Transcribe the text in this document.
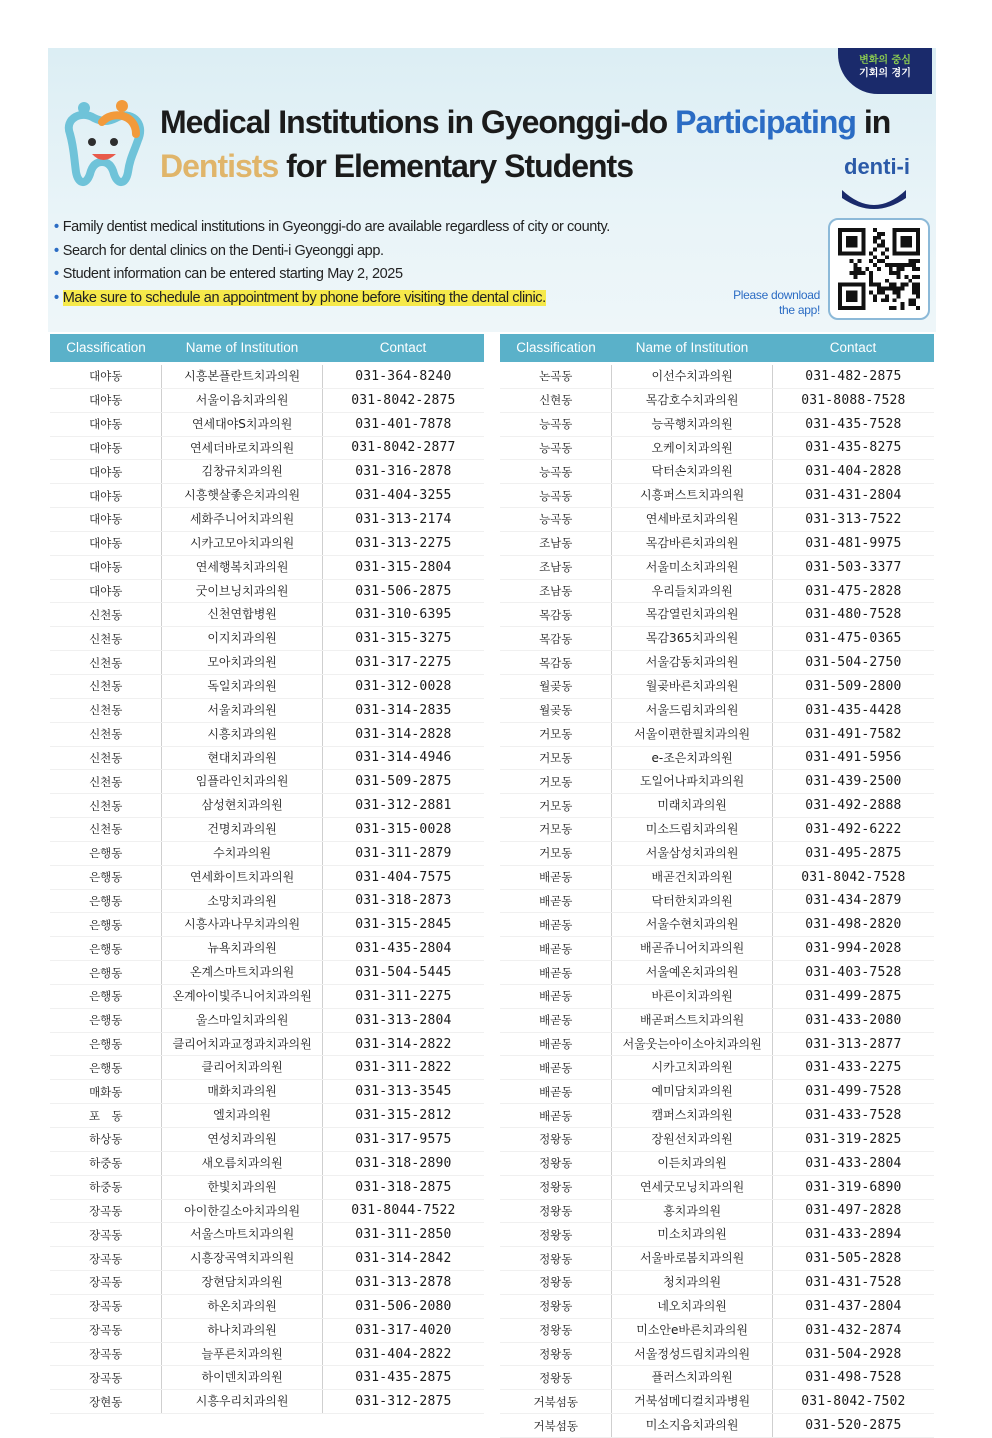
변화의 중심
기회의 경기
Medical Institutions in Gyeonggi-do Participating in
Dentists for Elementary Students	denti-i
• Family dentist medical institutions in Gyeonggi-do are available regardless of city or county.
• Search for dental clinics on the Denti-i Gyeonggi app.
• Student information can be entered starting May 2, 2025
• Make sure to schedule an appointment by phone before visiting the dental clinic.	Please download
the app!
Classification	Name of Institution	Contact
대야동	시흥본플란트치과의원	031-364-8240
대야동	서울이음치과의원	031-8042-2875
대야동	연세대야S치과의원	031-401-7878
대야동	연세더바로치과의원	031-8042-2877
대야동	김창규치과의원	031-316-2878
대야동	시흥햇살좋은치과의원	031-404-3255
대야동	세화주니어치과의원	031-313-2174
대야동	시카고모아치과의원	031-313-2275
대야동	연세행복치과의원	031-315-2804
대야동	굿이브닝치과의원	031-506-2875
신천동	신천연합병원	031-310-6395
신천동	이지치과의원	031-315-3275
신천동	모아치과의원	031-317-2275
신천동	독일치과의원	031-312-0028
신천동	서울치과의원	031-314-2835
신천동	시흥치과의원	031-314-2828
신천동	현대치과의원	031-314-4946
신천동	임플라인치과의원	031-509-2875
신천동	삼성현치과의원	031-312-2881
신천동	건명치과의원	031-315-0028
은행동	수치과의원	031-311-2879
은행동	연세화이트치과의원	031-404-7575
은행동	소망치과의원	031-318-2873
은행동	시흥사과나무치과의원	031-315-2845
은행동	뉴욕치과의원	031-435-2804
은행동	온계스마트치과의원	031-504-5445
은행동	온계아이빛주니어치과의원	031-311-2275
은행동	울스마일치과의원	031-313-2804
은행동	클리어치과교정과치과의원	031-314-2822
은행동	클리어치과의원	031-311-2822
매화동	매화치과의원	031-313-3545
포　동	엘치과의원	031-315-2812
하상동	연성치과의원	031-317-9575
하중동	새오름치과의원	031-318-2890
하중동	한빛치과의원	031-318-2875
장곡동	아이한길소아치과의원	031-8044-7522
장곡동	서울스마트치과의원	031-311-2850
장곡동	시흥장곡역치과의원	031-314-2842
장곡동	장현담치과의원	031-313-2878
장곡동	하온치과의원	031-506-2080
장곡동	하나치과의원	031-317-4020
장곡동	늘푸른치과의원	031-404-2822
장곡동	하이덴치과의원	031-435-2875
장현동	시흥우리치과의원	031-312-2875
Classification	Name of Institution	Contact
논곡동	이선수치과의원	031-482-2875
신현동	목감호수치과의원	031-8088-7528
능곡동	능곡행치과의원	031-435-7528
능곡동	오케이치과의원	031-435-8275
능곡동	닥터손치과의원	031-404-2828
능곡동	시흥퍼스트치과의원	031-431-2804
능곡동	연세바로치과의원	031-313-7522
조남동	목감바른치과의원	031-481-9975
조남동	서울미소치과의원	031-503-3377
조남동	우리들치과의원	031-475-2828
목감동	목감열린치과의원	031-480-7528
목감동	목감365치과의원	031-475-0365
목감동	서울감동치과의원	031-504-2750
월곶동	월곶바른치과의원	031-509-2800
월곶동	서울드림치과의원	031-435-4428
거모동	서울이편한필치과의원	031-491-7582
거모동	e-조은치과의원	031-491-5956
거모동	도일어나파치과의원	031-439-2500
거모동	미래치과의원	031-492-2888
거모동	미소드림치과의원	031-492-6222
거모동	서울삼성치과의원	031-495-2875
배곧동	배곧건치과의원	031-8042-7528
배곧동	닥터한치과의원	031-434-2879
배곧동	서울수현치과의원	031-498-2820
배곧동	배곧쥬니어치과의원	031-994-2028
배곧동	서울예온치과의원	031-403-7528
배곧동	바른이치과의원	031-499-2875
배곧동	배곧퍼스트치과의원	031-433-2080
배곧동	서울웃는아이소아치과의원	031-313-2877
배곧동	시카고치과의원	031-433-2275
배곧동	예미담치과의원	031-499-7528
배곧동	캠퍼스치과의원	031-433-7528
정왕동	장원선치과의원	031-319-2825
정왕동	이든치과의원	031-433-2804
정왕동	연세굿모닝치과의원	031-319-6890
정왕동	홍치과의원	031-497-2828
정왕동	미소치과의원	031-433-2894
정왕동	서울바로봄치과의원	031-505-2828
정왕동	청치과의원	031-431-7528
정왕동	네오치과의원	031-437-2804
정왕동	미소안e바른치과의원	031-432-2874
정왕동	서울정성드림치과의원	031-504-2928
정왕동	플러스치과의원	031-498-7528
거북섬동	거북섬메디컬치과병원	031-8042-7502
거북섬동	미소지음치과의원	031-520-2875
